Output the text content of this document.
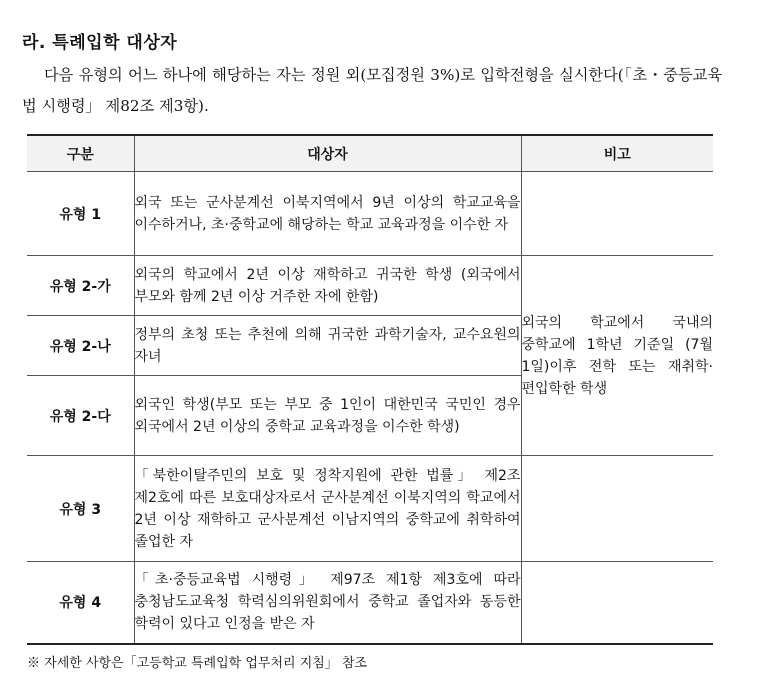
라. 특례입학 대상자
다음 유형의 어느 하나에 해당하는 자는 정원 외(모집정원 3%)로 입학전형을 실시한다(「초・중등교육법 시행령」 제82조 제3항).
구분	대상자	비고
유형 1	외국 또는 군사분계선 이북지역에서 9년 이상의 학교교육을 이수하거나, 초·중학교에 해당하는 학교 교육과정을 이수한 자	
유형 2-가	외국의 학교에서 2년 이상 재학하고 귀국한 학생 (외국에서 부모와 함께 2년 이상 거주한 자에 한함)	외국의 학교에서 국내의 중학교에 1학년 기준일 (7월 1일)이후 전학 또는 재취학·편입학한 학생
유형 2-나	정부의 초청 또는 추천에 의해 귀국한 과학기술자, 교수요원의 자녀	
유형 2-다	외국인 학생(부모 또는 부모 중 1인이 대한민국 국민인 경우 외국에서 2년 이상의 중학교 교육과정을 이수한 학생)	
유형 3	「북한이탈주민의 보호 및 정착지원에 관한 법률」 제2조 제2호에 따른 보호대상자로서 군사분계선 이북지역의 학교에서 2년 이상 재학하고 군사분계선 이남지역의 중학교에 취학하여 졸업한 자	
유형 4	「초·중등교육법 시행령」 제97조 제1항 제3호에 따라 충청남도교육청 학력심의위원회에서 중학교 졸업자와 동등한 학력이 있다고 인정을 받은 자	
※ 자세한 사항은「고등학교 특례입학 업무처리 지침」 참조
